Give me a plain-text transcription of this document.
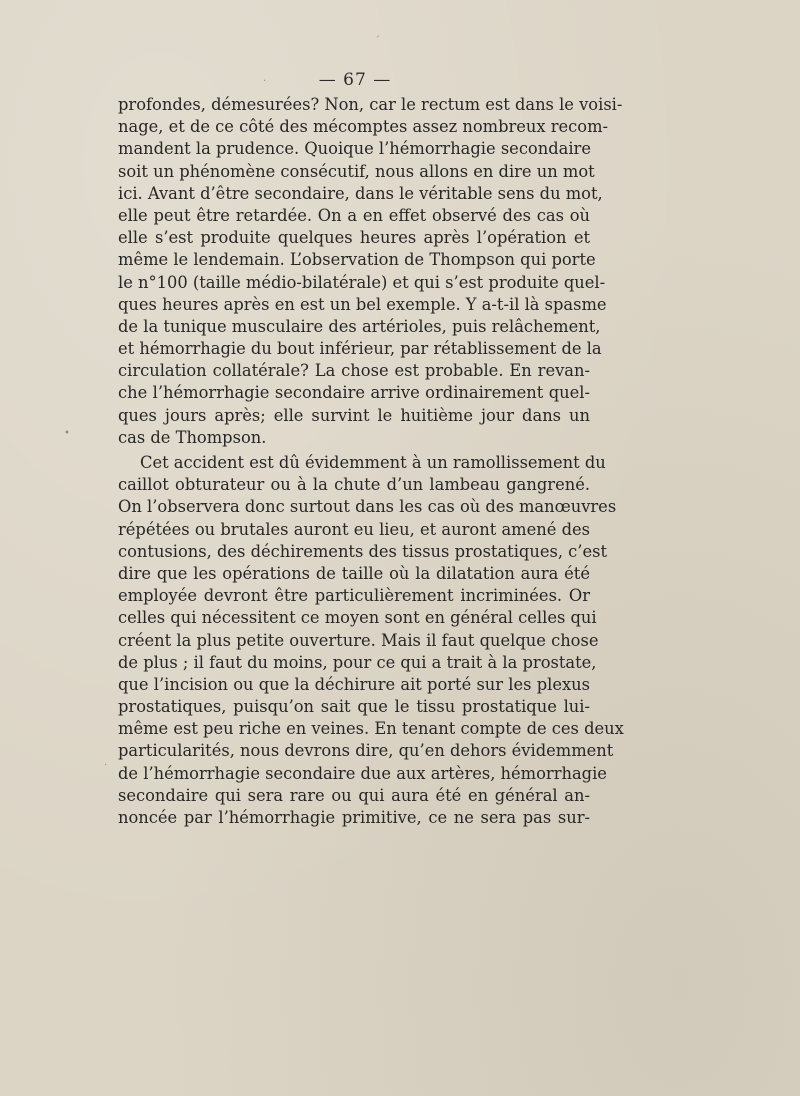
— 67 —

profondes, démesurées? Non, car le rectum est dans le voisi-
nage, et de ce côté des mécomptes assez nombreux recom-
mandent la prudence. Quoique l’hémorrhagie secondaire
soit un phénomène consécutif, nous allons en dire un mot
ici. Avant d’être secondaire, dans le véritable sens du mot,
elle peut être retardée. On a en effet observé des cas où
elle s’est produite quelques heures après l’opération et
même le lendemain. L’observation de Thompson qui porte
le n°100 (taille médio-bilatérale) et qui s’est produite quel-
ques heures après en est un bel exemple. Y a-t-il là spasme
de la tunique musculaire des artérioles, puis relâchement,
et hémorrhagie du bout inférieur, par rétablissement de la
circulation collatérale? La chose est probable. En revan-
che l’hémorrhagie secondaire arrive ordinairement quel-
ques jours après; elle survint le huitième jour dans un
cas de Thompson.
Cet accident est dû évidemment à un ramollissement du
caillot obturateur ou à la chute d’un lambeau gangrené.
On l’observera donc surtout dans les cas où des manœuvres
répétées ou brutales auront eu lieu, et auront amené des
contusions, des déchirements des tissus prostatiques, c’est
dire que les opérations de taille où la dilatation aura été
employée devront être particulièrement incriminées. Or
celles qui nécessitent ce moyen sont en général celles qui
créent la plus petite ouverture. Mais il faut quelque chose
de plus ; il faut du moins, pour ce qui a trait à la prostate,
que l’incision ou que la déchirure ait porté sur les plexus
prostatiques, puisqu’on sait que le tissu prostatique lui-
même est peu riche en veines. En tenant compte de ces deux
particularités, nous devrons dire, qu’en dehors évidemment
de l’hémorrhagie secondaire due aux artères, hémorrhagie
secondaire qui sera rare ou qui aura été en général an-
noncée par l’hémorrhagie primitive, ce ne sera pas sur-
ˊ
·
•
·
